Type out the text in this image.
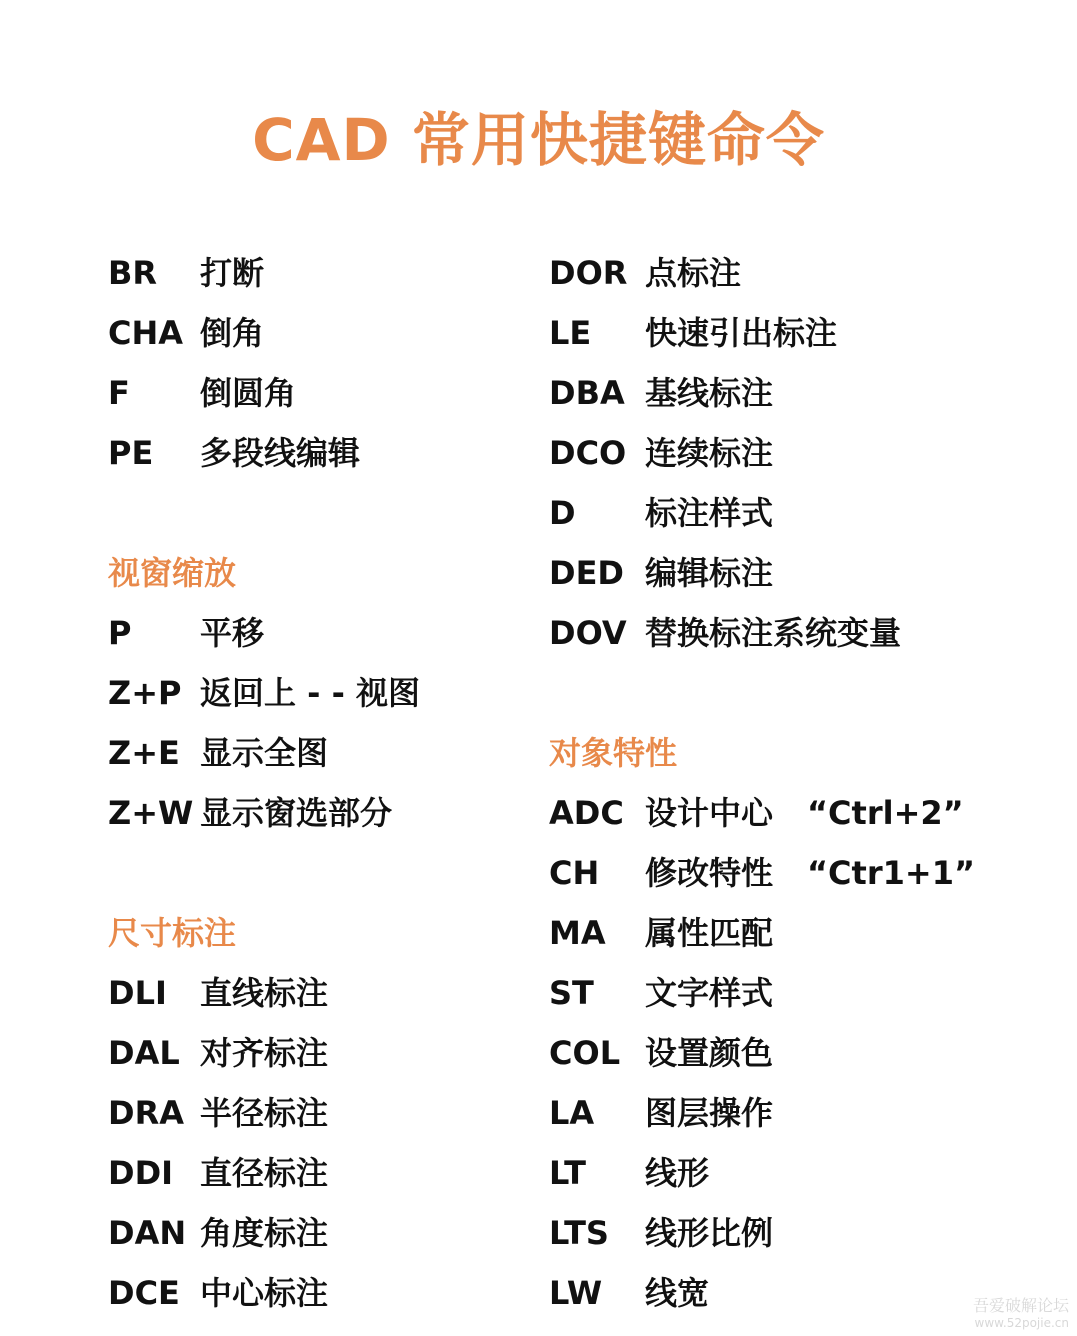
CAD 常用快捷键命令
BR 打断
CHA 倒角
F 倒圆角
PE 多段线编辑
视窗缩放
P 平移
Z+P 返回上 - - 视图
Z+E 显示全图
Z+W 显示窗选部分
尺寸标注
DLI 直线标注
DAL 对齐标注
DRA 半径标注
DDI 直径标注
DAN 角度标注
DCE 中心标注
DOR 点标注
LE 快速引出标注
DBA 基线标注
DCO 连续标注
D 标注样式
DED 编辑标注
DOV 替换标注系统变量
对象特性
ADC 设计中心 “Ctrl+2”
CH 修改特性 “Ctr1+1”
MA 属性匹配
ST 文字样式
COL 设置颜色
LA 图层操作
LT 线形
LTS 线形比例
LW 线宽	吾爱破解论坛
www.52pojie.cn
